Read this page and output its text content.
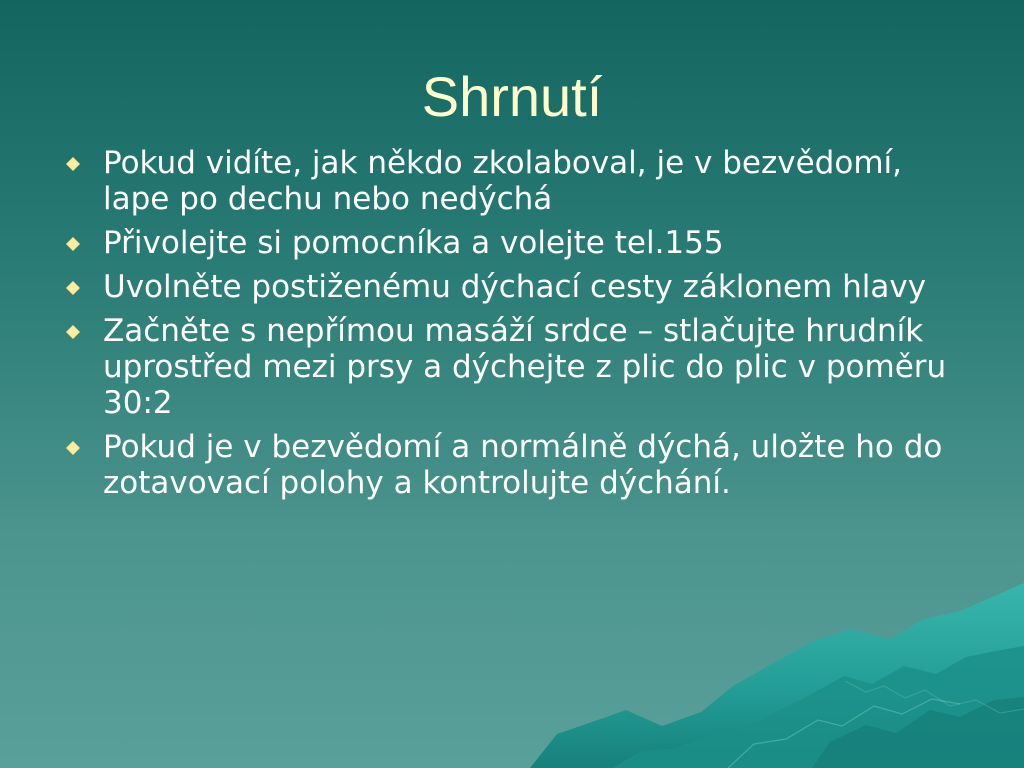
Shrnutí
Pokud vidíte, jak někdo zkolaboval, je v bezvědomí, lape po dechu nebo nedýchá
Přivolejte si pomocníka a volejte tel.155
Uvolněte postiženému dýchací cesty záklonem hlavy
Začněte s nepřímou masáží srdce – stlačujte hrudník uprostřed mezi prsy a dýchejte z plic do plic v poměru 30:2
Pokud je v bezvědomí a normálně dýchá, uložte ho do zotavovací polohy a kontrolujte dýchání.
